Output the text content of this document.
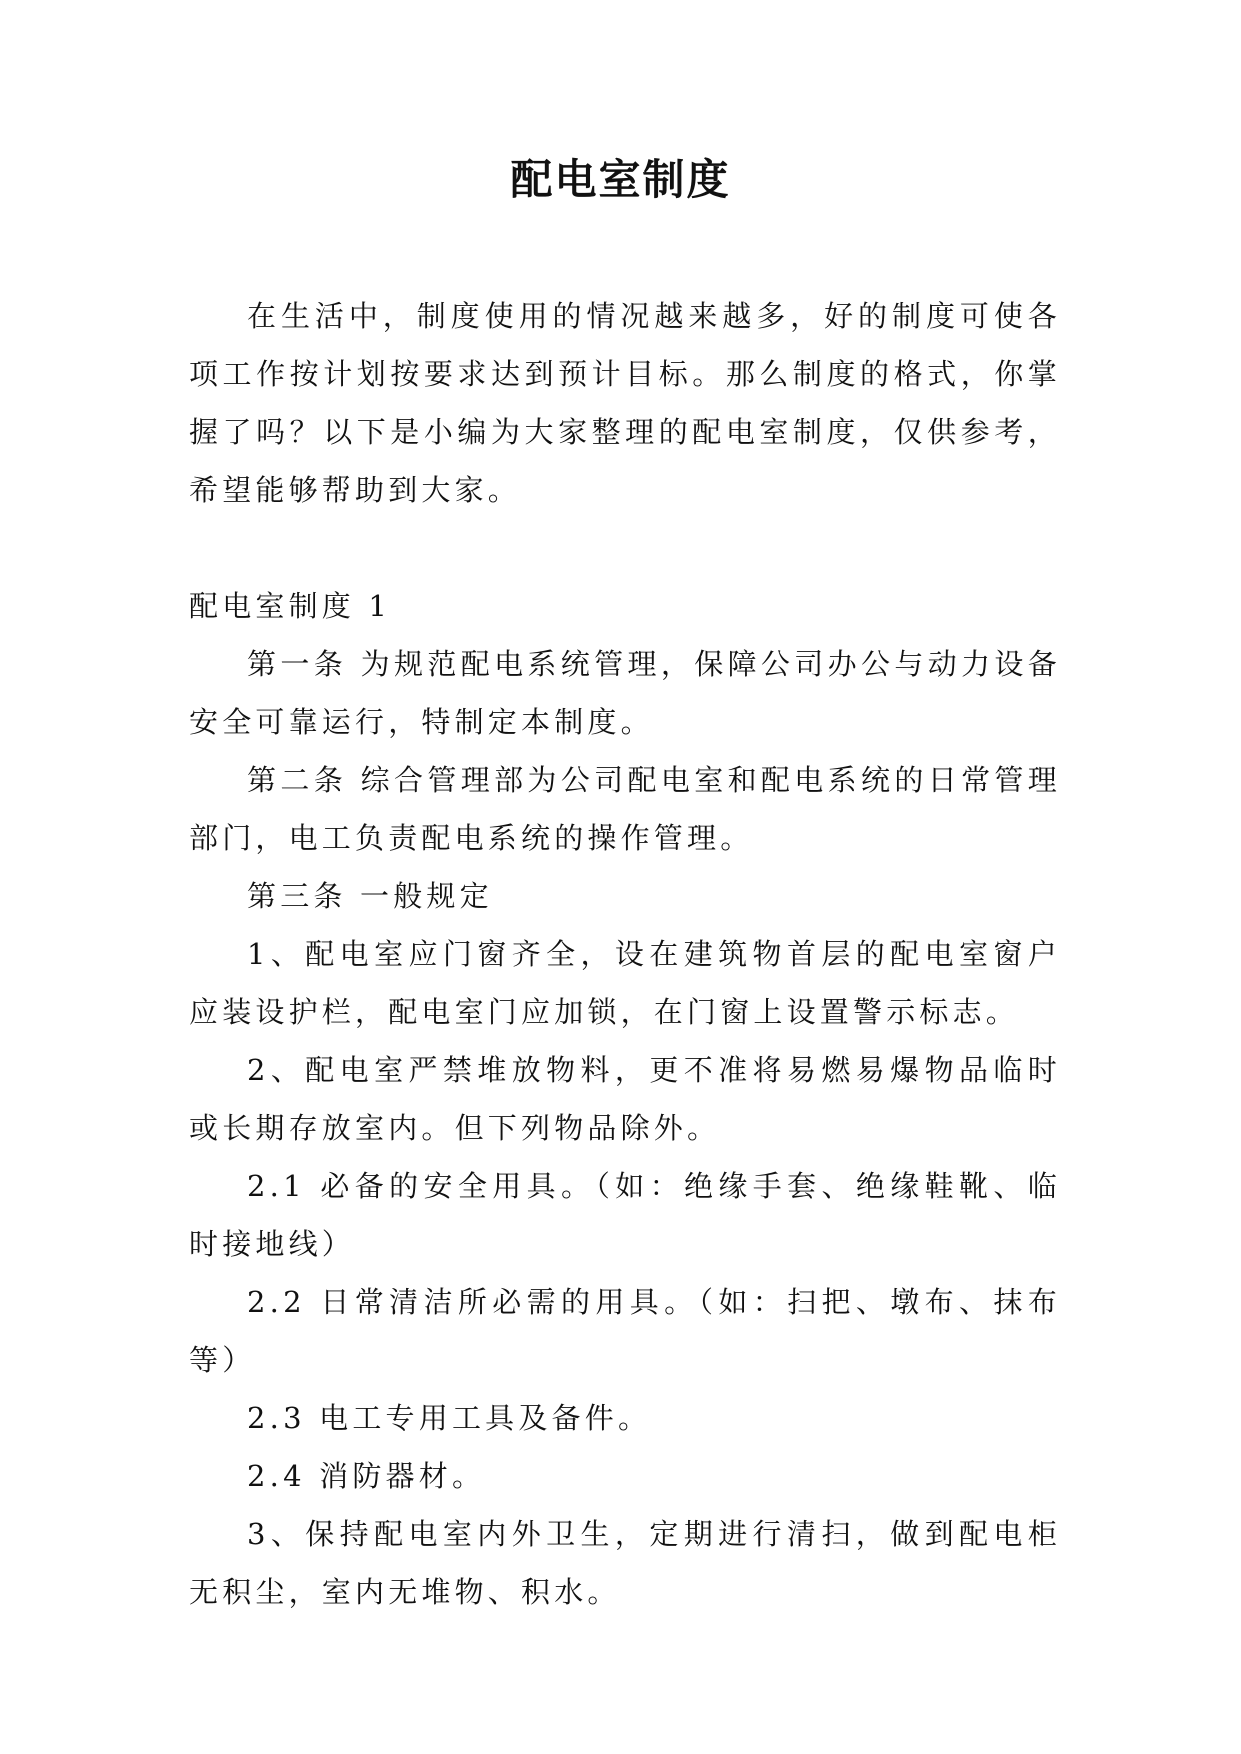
配电室制度

在生活中，制度使用的情况越来越多，好的制度可使各项工作按计划按要求达到预计目标。那么制度的格式，你掌握了吗？以下是小编为大家整理的配电室制度，仅供参考，希望能够帮助到大家。

配电室制度 1

第一条 为规范配电系统管理，保障公司办公与动力设备安全可靠运行，特制定本制度。

第二条 综合管理部为公司配电室和配电系统的日常管理部门，电工负责配电系统的操作管理。

第三条 一般规定

1、配电室应门窗齐全，设在建筑物首层的配电室窗户应装设护栏，配电室门应加锁，在门窗上设置警示标志。

2、配电室严禁堆放物料，更不准将易燃易爆物品临时或长期存放室内。但下列物品除外。

2.1 必备的安全用具。（如：绝缘手套、绝缘鞋靴、临时接地线）

2.2 日常清洁所必需的用具。（如：扫把、墩布、抹布等）

2.3 电工专用工具及备件。

2.4 消防器材。

3、保持配电室内外卫生，定期进行清扫，做到配电柜无积尘，室内无堆物、积水。
